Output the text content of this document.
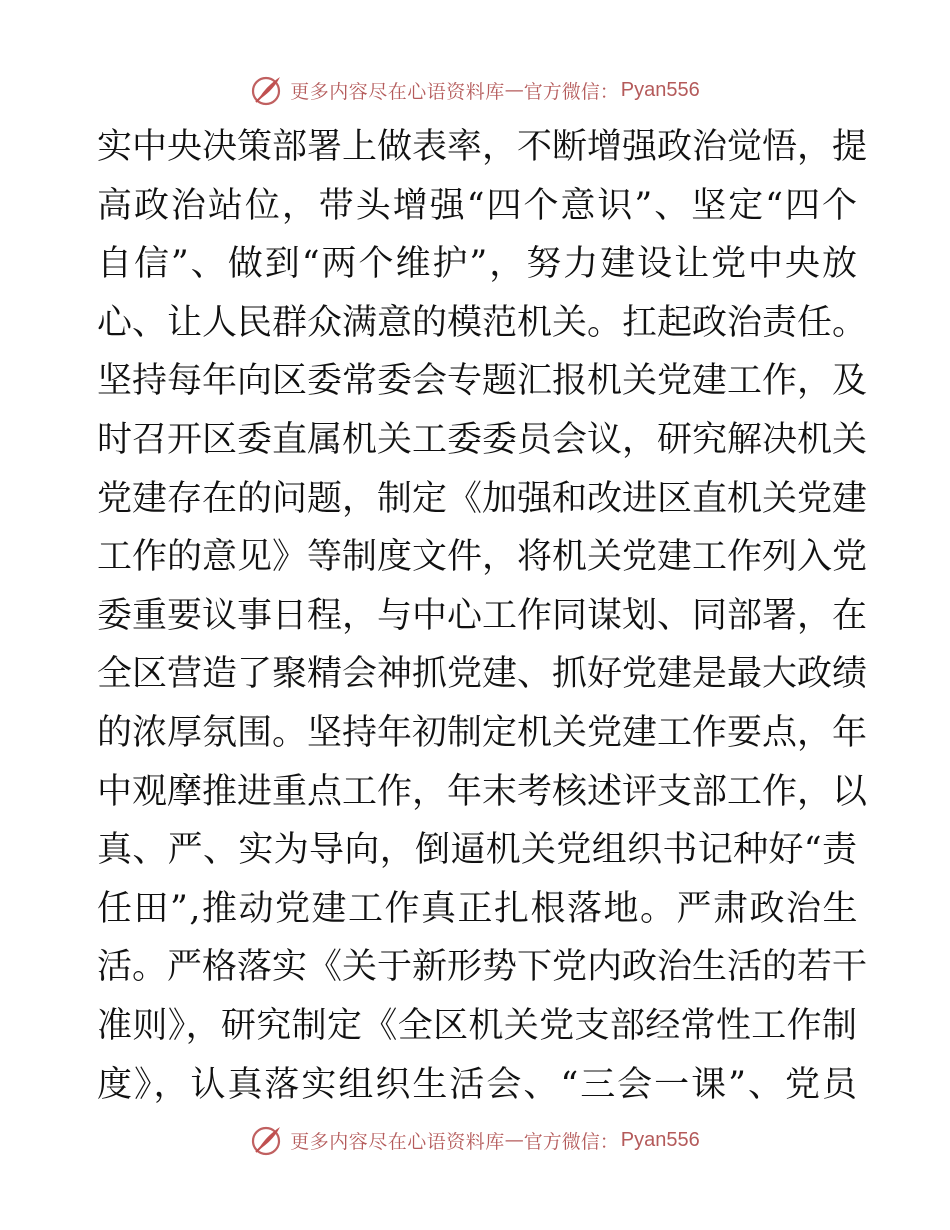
更多内容尽在心语资料库 — 官方微信： Pyan556
实中央决策部署上做表率，不断增强政治觉悟，提
高政治站位，带头增强“四个意识”、坚定“四个
自信”、做到“两个维护”，努力建设让党中央放
心、让人民群众满意的模范机关。扛起政治责任。
坚持每年向区委常委会专题汇报机关党建工作，及
时召开区委直属机关工委委员会议，研究解决机关
党建存在的问题，制定《加强和改进区直机关党建
工作的意见》等制度文件，将机关党建工作列入党
委重要议事日程，与中心工作同谋划、同部署，在
全区营造了聚精会神抓党建、抓好党建是最大政绩
的浓厚氛围。坚持年初制定机关党建工作要点，年
中观摩推进重点工作，年末考核述评支部工作，以
真、严、实为导向，倒逼机关党组织书记种好“责
任田”,推动党建工作真正扎根落地。严肃政治生
活。严格落实《关于新形势下党内政治生活的若干
准则》，研究制定《全区机关党支部经常性工作制
度》，认真落实组织生活会、“三会一课”、党员
更多内容尽在心语资料库 — 官方微信： Pyan556
